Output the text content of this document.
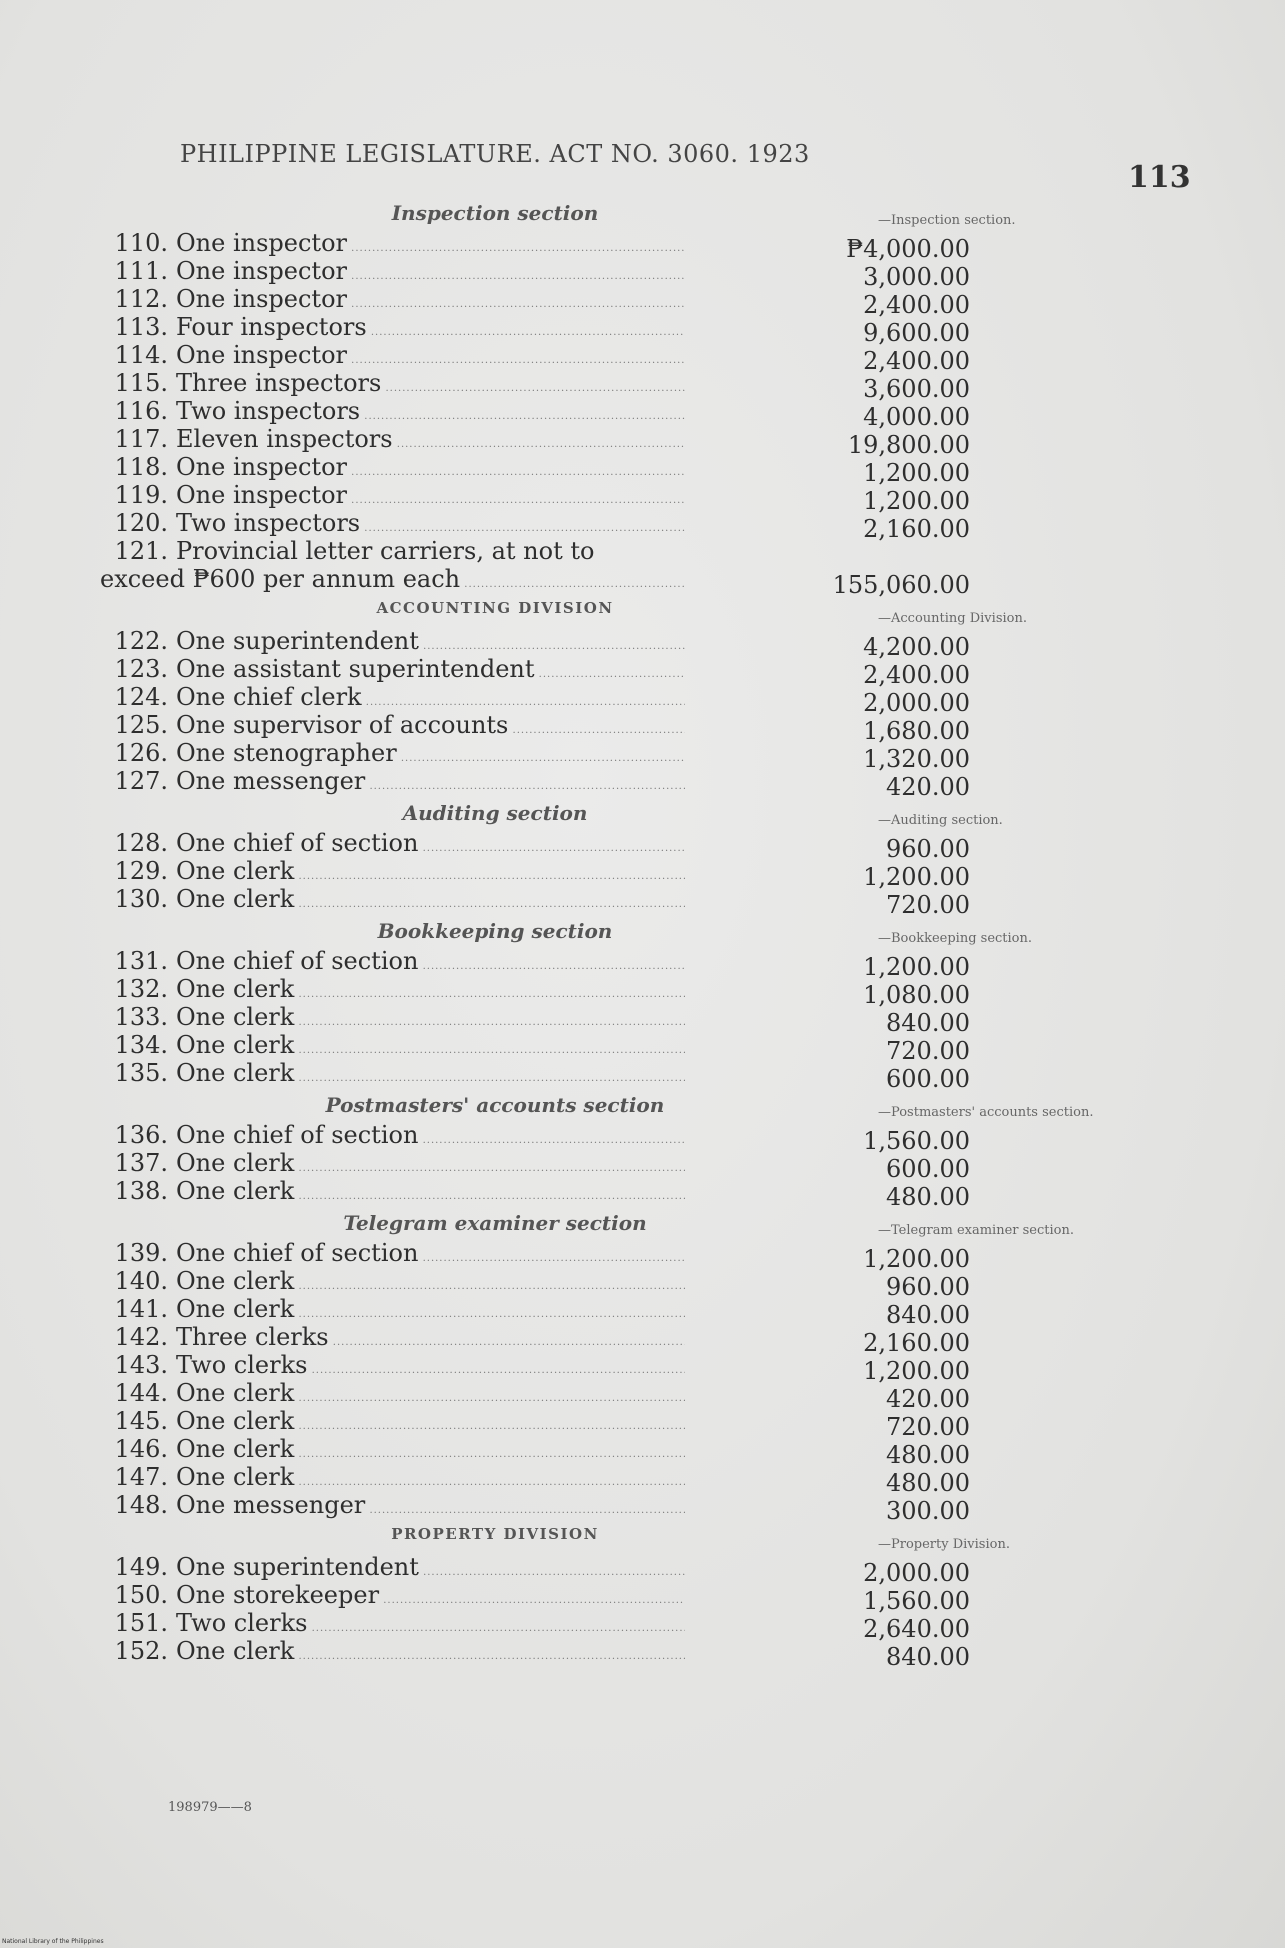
PHILIPPINE LEGISLATURE. ACT NO. 3060. 1923
113
Inspection section	—Inspection section.
110. One inspector .....	₱4,000.00
111. One inspector .....	3,000.00
112. One inspector .....	2,400.00
113. Four inspectors .....	9,600.00
114. One inspector .....	2,400.00
115. Three inspectors .....	3,600.00
116. Two inspectors .....	4,000.00
117. Eleven inspectors .....	19,800.00
118. One inspector .....	1,200.00
119. One inspector .....	1,200.00
120. Two inspectors .....	2,160.00
121. Provincial letter carriers, at not to
exceed ₱600 per annum each .....	155,060.00
ACCOUNTING DIVISION
—Accounting Division.
122. One superintendent .....	4,200.00
123. One assistant superintendent .....	2,400.00
124. One chief clerk .....	2,000.00
125. One supervisor of accounts .....	1,680.00
126. One stenographer .....	1,320.00
127. One messenger .....	420.00
Auditing section	—Auditing section.
128. One chief of section .....	960.00
129. One clerk .....	1,200.00
130. One clerk .....	720.00
Bookkeeping section	—Bookkeeping section.
131. One chief of section .....	1,200.00
132. One clerk .....	1,080.00
133. One clerk .....	840.00
134. One clerk .....	720.00
135. One clerk .....	600.00
Postmasters' accounts section	—Postmasters' accounts section.
136. One chief of section .....	1,560.00
137. One clerk .....	600.00
138. One clerk .....	480.00
Telegram examiner section	—Telegram examiner section.
139. One chief of section .....	1,200.00
140. One clerk .....	960.00
141. One clerk .....	840.00
142. Three clerks .....	2,160.00
143. Two clerks .....	1,200.00
144. One clerk .....	420.00
145. One clerk .....	720.00
146. One clerk .....	480.00
147. One clerk .....	480.00
148. One messenger .....	300.00
PROPERTY DIVISION
—Property Division.
149. One superintendent .....	2,000.00
150. One storekeeper .....	1,560.00
151. Two clerks .....	2,640.00
152. One clerk .....	840.00
198979——8
National Library of the Philippines
